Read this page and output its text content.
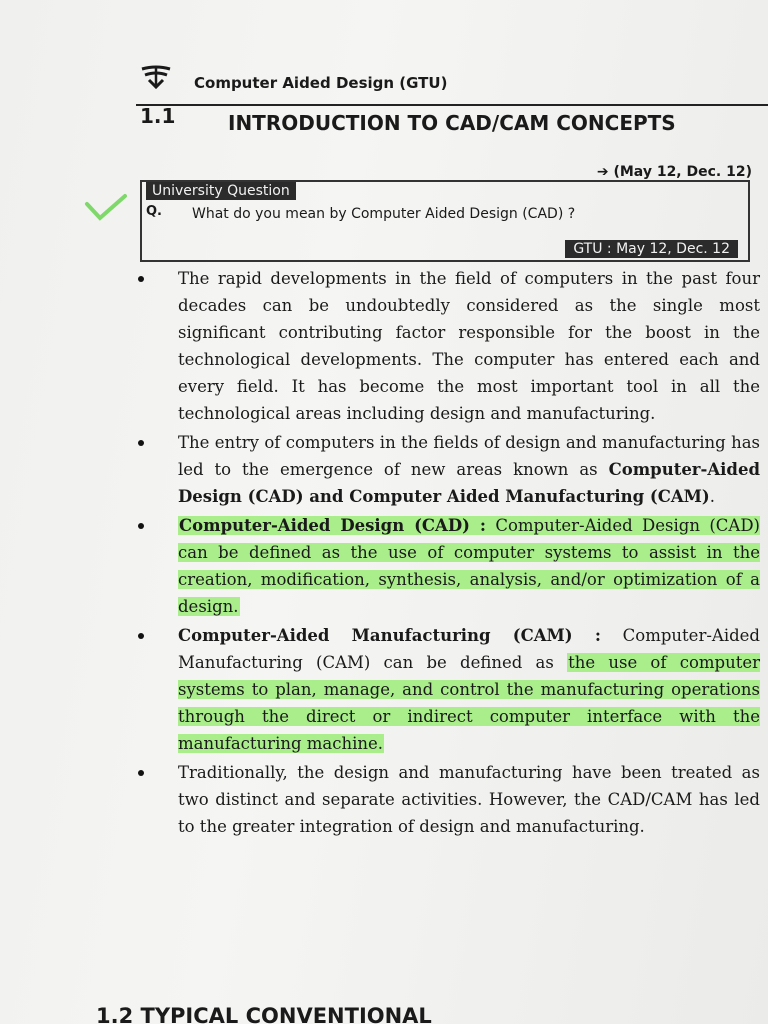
Computer Aided Design (GTU)
1.1	INTRODUCTION TO CAD/CAM CONCEPTS
➔ (May 12, Dec. 12)
University Question
Q. What do you mean by Computer Aided Design (CAD) ?
GTU : May 12, Dec. 12
The rapid developments in the field of computers in the past four decades can be undoubtedly considered as the single most significant contributing factor responsible for the boost in the technological developments. The computer has entered each and every field. It has become the most important tool in all the technological areas including design and manufacturing.
The entry of computers in the fields of design and manufacturing has led to the emergence of new areas known as Computer-Aided Design (CAD) and Computer Aided Manufacturing (CAM).
Computer-Aided Design (CAD) : Computer-Aided Design (CAD) can be defined as the use of computer systems to assist in the creation, modification, synthesis, analysis, and/or optimization of a design.
Computer-Aided Manufacturing (CAM) : Computer-Aided Manufacturing (CAM) can be defined as the use of computer systems to plan, manage, and control the manufacturing operations through the direct or indirect computer interface with the manufacturing machine.
Traditionally, the design and manufacturing have been treated as two distinct and separate activities. However, the CAD/CAM has led to the greater integration of design and manufacturing.
1.2 TYPICAL CONVENTIONAL
